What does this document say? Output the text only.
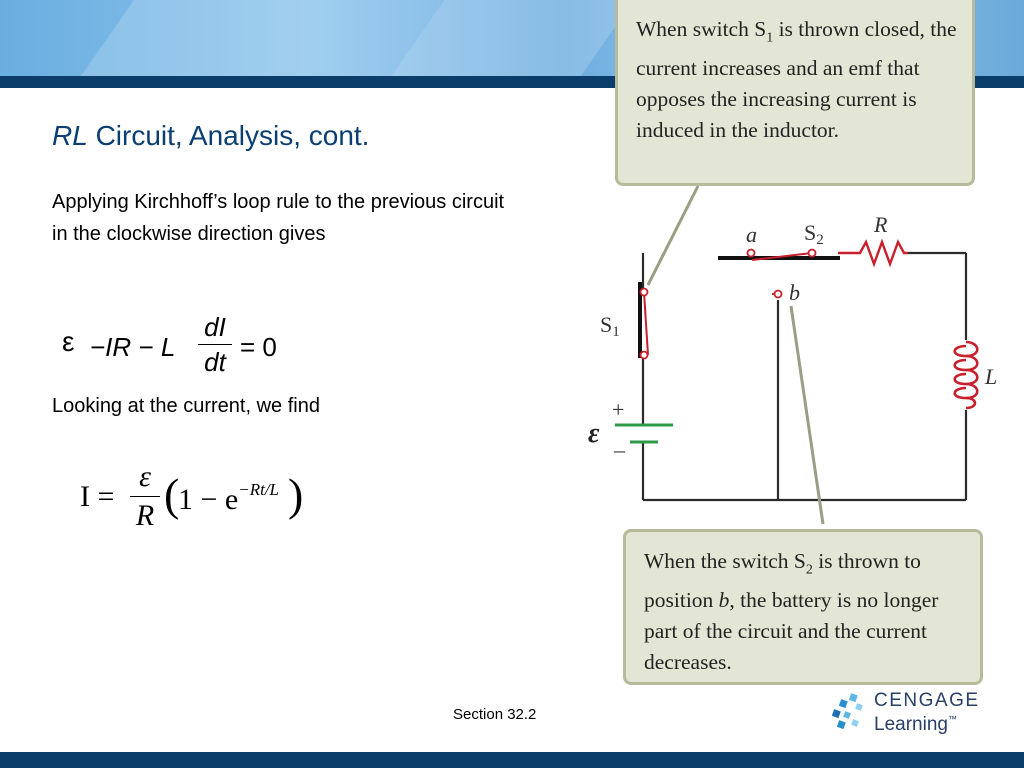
RL Circuit, Analysis, cont.

Applying Kirchhoff’s loop rule to the previous circuit in the clockwise direction gives

ε −IR − L
dI
dt = 0

Looking at the current, we find

I =
ε
R (
$1 - e^{-Rt/L}$ )
a S2
R
b
S1
L
+
–
ε
When switch $S_1$ is thrown closed, the current increases and an emf that opposes the increasing current is induced in the inductor.
When the switch $S_2$ is thrown to position b, the battery is no longer part of the circuit and the current decreases.
Section 32.2
CENGAGE
Learning™
